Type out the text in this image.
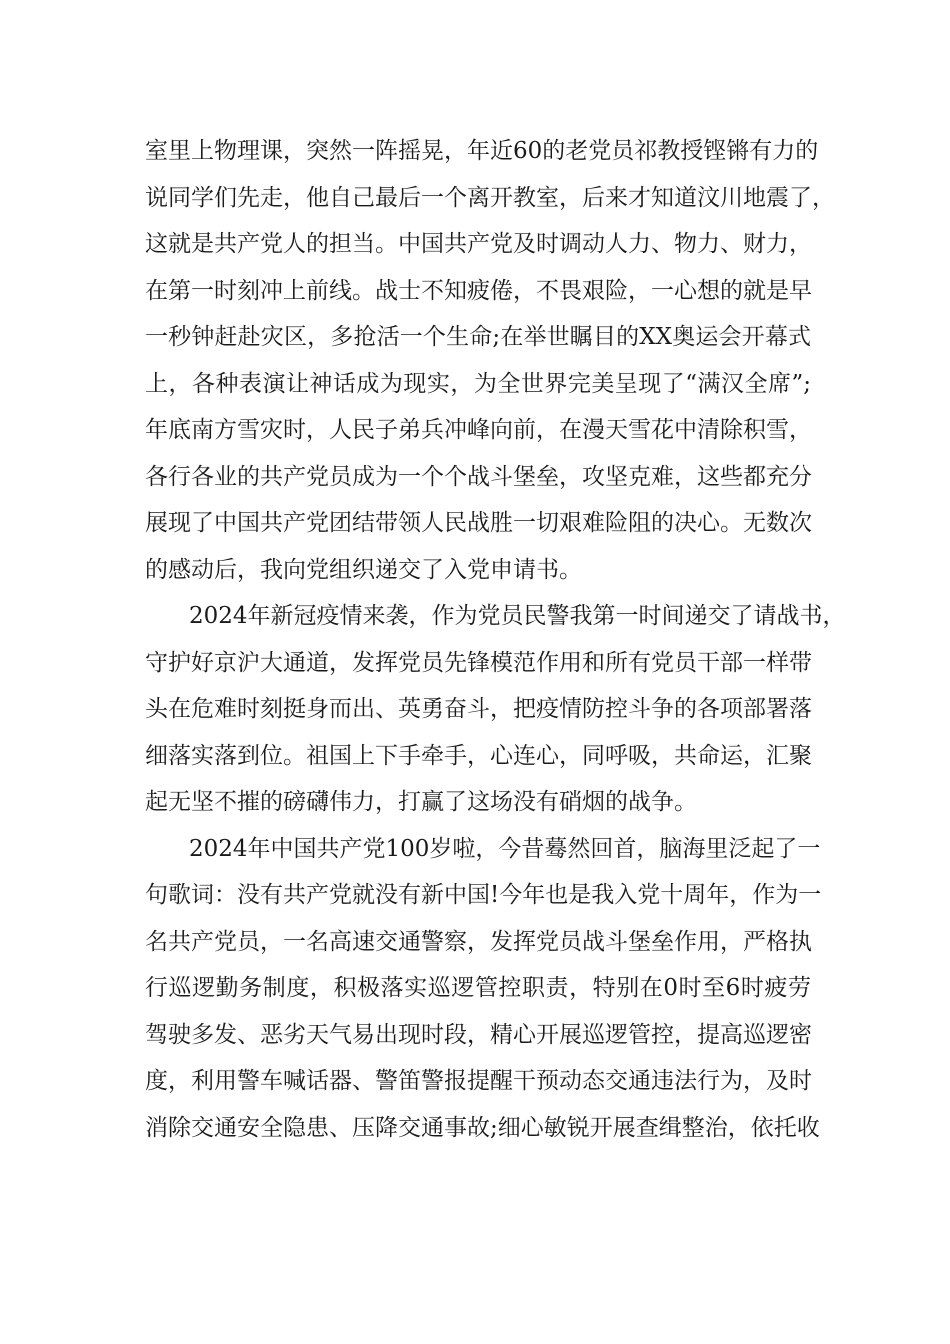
室里上物理课，突然一阵摇晃，年近60的老党员祁教授铿锵有力的
说同学们先走，他自己最后一个离开教室，后来才知道汶川地震了，
这就是共产党人的担当。中国共产党及时调动人力、物力、财力，
在第一时刻冲上前线。战士不知疲倦，不畏艰险，一心想的就是早
一秒钟赶赴灾区，多抢活一个生命;在举世瞩目的XX奥运会开幕式
上，各种表演让神话成为现实，为全世界完美呈现了“满汉全席”;
年底南方雪灾时，人民子弟兵冲峰向前，在漫天雪花中清除积雪，
各行各业的共产党员成为一个个战斗堡垒，攻坚克难，这些都充分
展现了中国共产党团结带领人民战胜一切艰难险阻的决心。无数次
的感动后，我向党组织递交了入党申请书。
2024年新冠疫情来袭，作为党员民警我第一时间递交了请战书，
守护好京沪大通道，发挥党员先锋模范作用和所有党员干部一样带
头在危难时刻挺身而出、英勇奋斗，把疫情防控斗争的各项部署落
细落实落到位。祖国上下手牵手，心连心，同呼吸，共命运，汇聚
起无坚不摧的磅礴伟力，打赢了这场没有硝烟的战争。
2024年中国共产党100岁啦，今昔蓦然回首，脑海里泛起了一
句歌词：没有共产党就没有新中国!今年也是我入党十周年，作为一
名共产党员，一名高速交通警察，发挥党员战斗堡垒作用，严格执
行巡逻勤务制度，积极落实巡逻管控职责，特别在0时至6时疲劳
驾驶多发、恶劣天气易出现时段，精心开展巡逻管控，提高巡逻密
度，利用警车喊话器、警笛警报提醒干预动态交通违法行为，及时
消除交通安全隐患、压降交通事故;细心敏锐开展查缉整治，依托收
